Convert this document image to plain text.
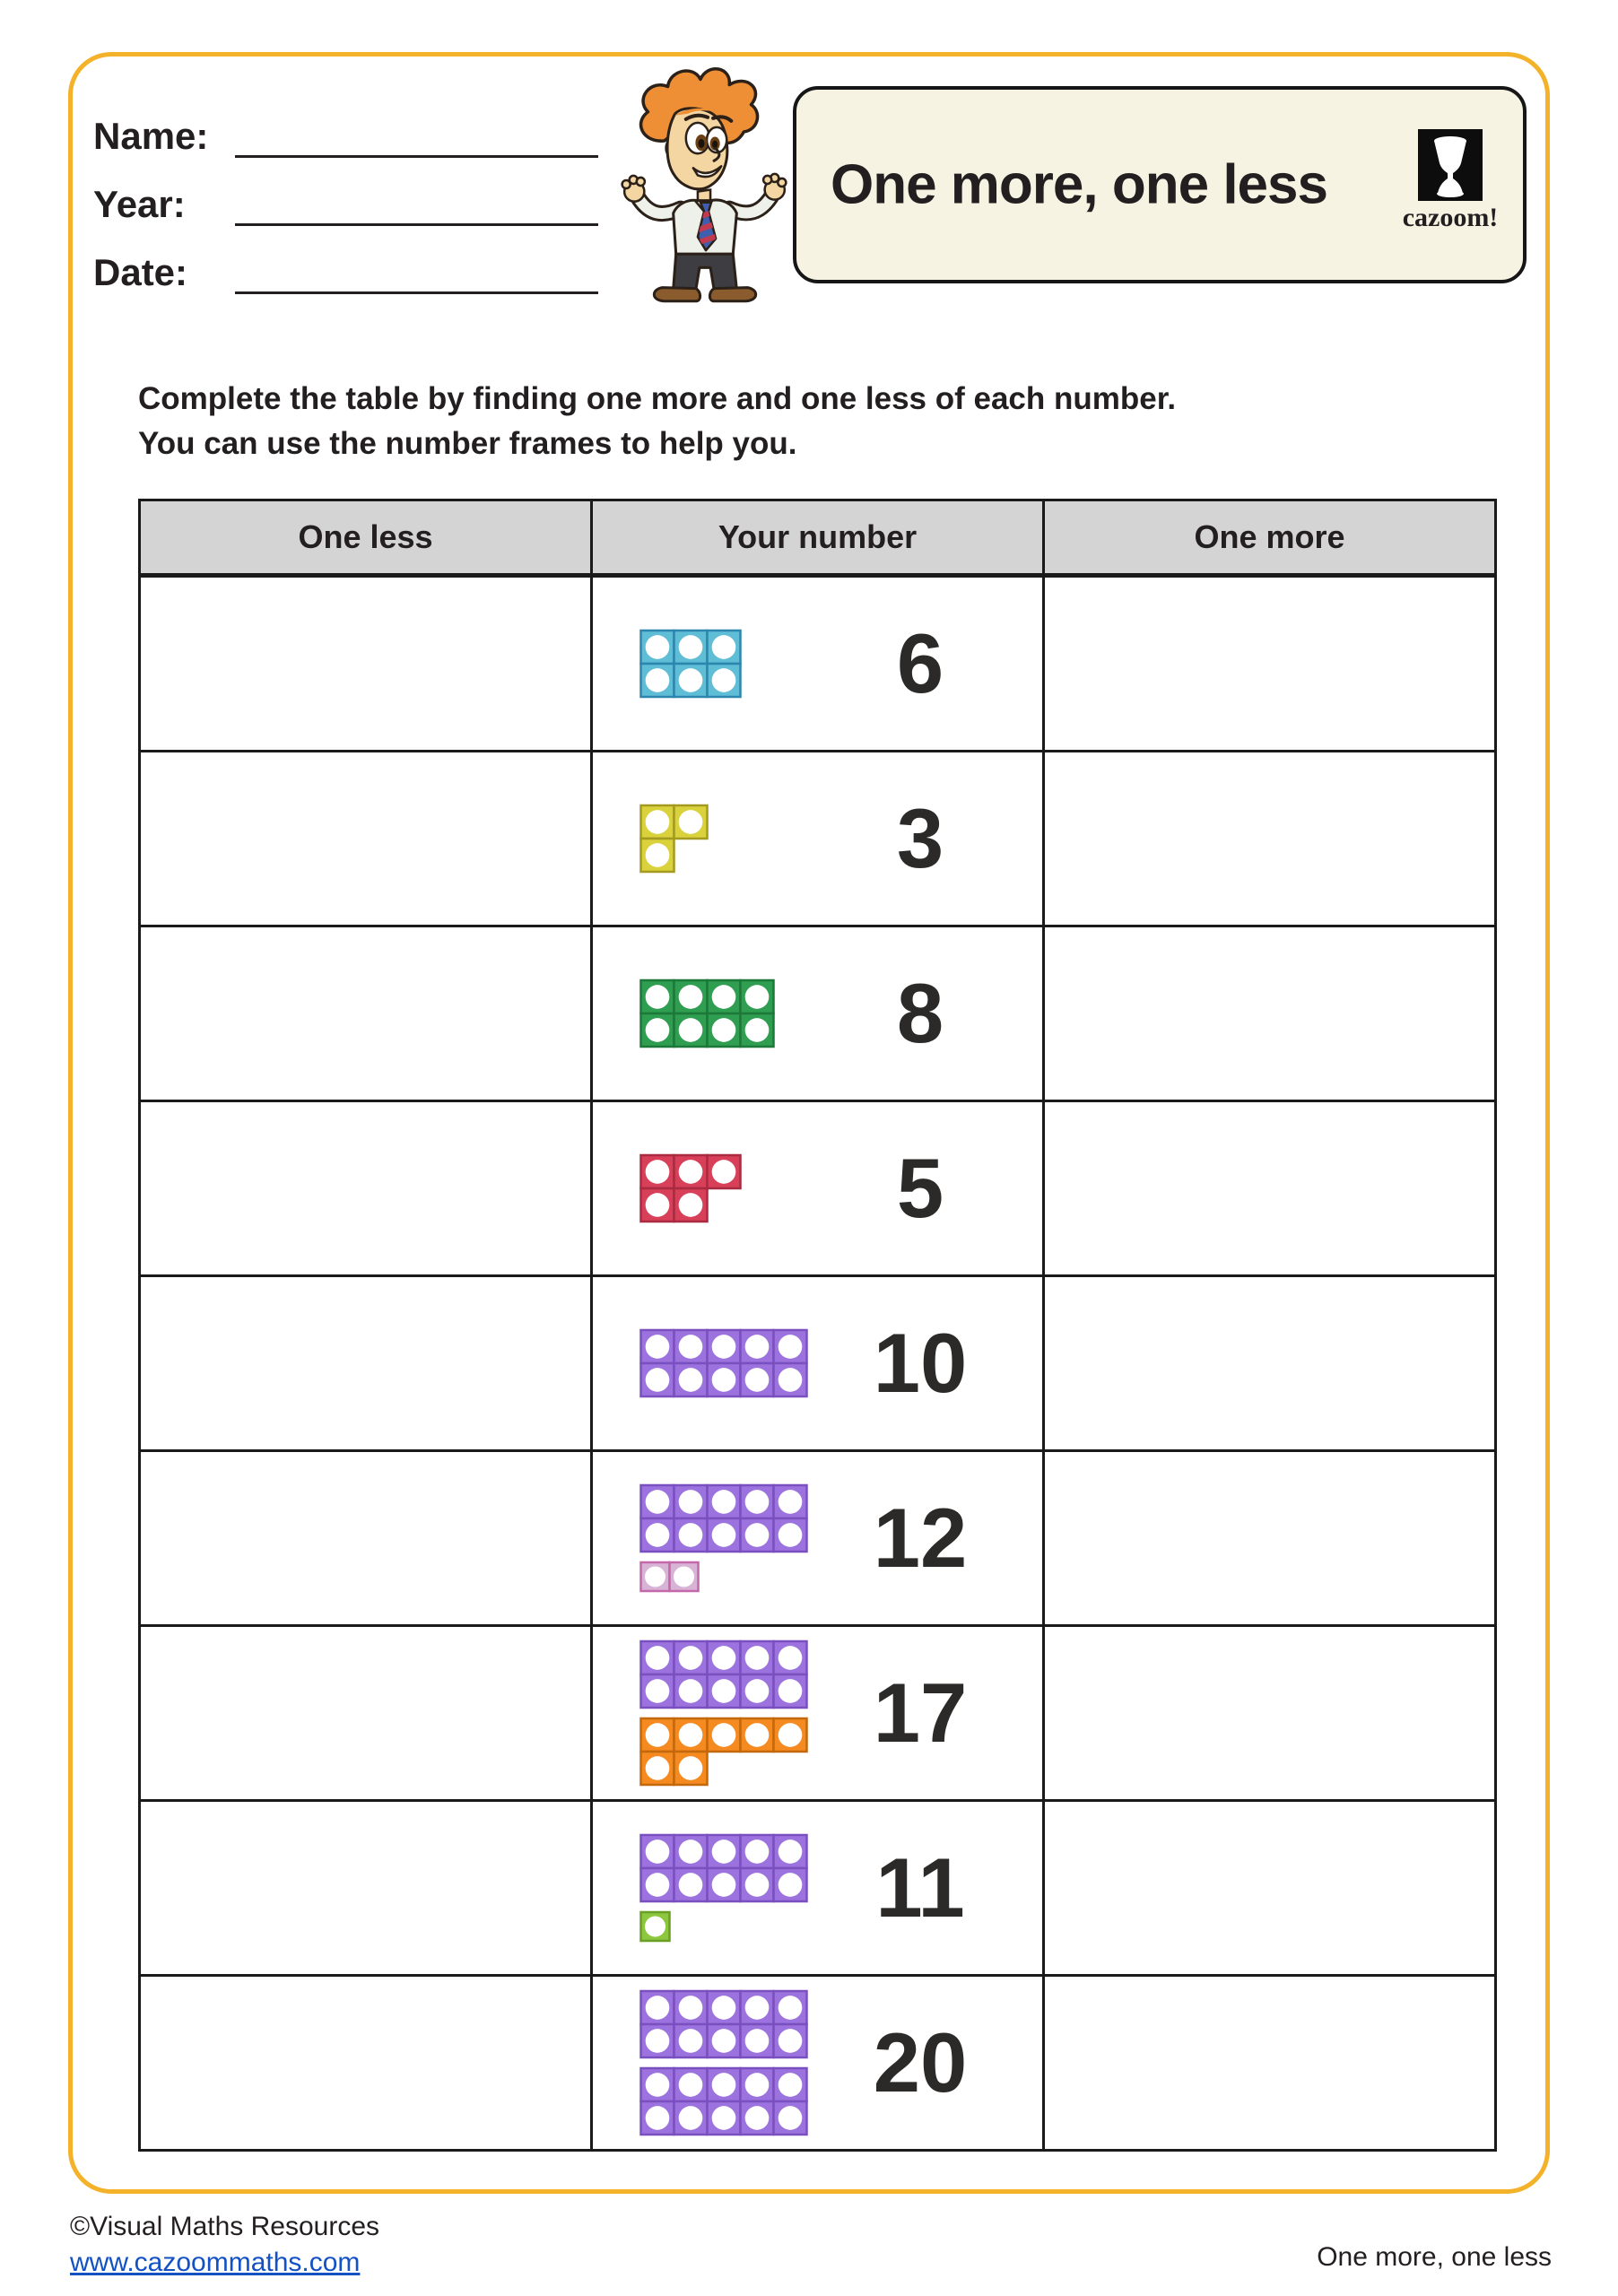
Name:
Year:
Date:
One more, one less
cazoom!
Complete the table by finding one more and one less of each number.
You can use the number frames to help you.
One less	Your number	One more

	6	

	3	

	8	

	5	

	10	

	12	

	17	

	11	

	20	

©Visual Maths Resources
www.cazoommaths.com	One more, one less
